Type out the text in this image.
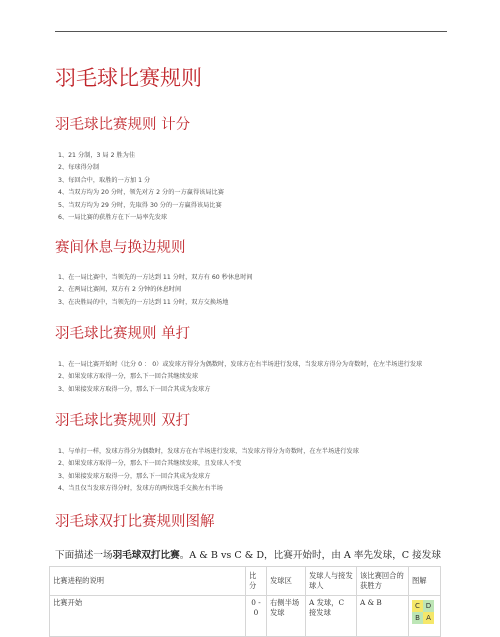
羽毛球比赛规则
羽毛球比赛规则 计分
1、21 分制，3 局 2 胜为佳
2、每球得分制
3、每回合中，取胜的一方加 1 分
4、当双方均为 20 分时，领先对方 2 分的一方赢得该局比赛
5、当双方均为 29 分时，先取得 30 分的一方赢得该局比赛
6、一局比赛的获胜方在下一局率先发球
赛间休息与换边规则
1、在一局比赛中，当领先的一方达到 11 分时，双方有 60 秒休息时间
2、在两局比赛间，双方有 2 分钟的休息时间
3、在决胜局的中，当领先的一方达到 11 分时，双方交换场地
羽毛球比赛规则 单打
1、在一局比赛开始时（比分 0 ： 0）或发球方得分为偶数时，发球方在右半场进行发球，当发球方得分为奇数时，在左半场进行发球
2、如果发球方取得一分，那么下一回合其继续发球
3、如果接发球方取得一分，那么下一回合其成为发球方
羽毛球比赛规则 双打
1、与单打一样，发球方得分为偶数时，发球方在右半场进行发球，当发球方得分为奇数时，在左半场进行发球
2、如果发球方取得一分，那么下一回合其继续发球，且发球人不变
3、如果接发球方取得一分，那么下一回合其成为发球方
4、当且仅当发球方得分时，发球方的两位选手交换左右半场
羽毛球双打比赛规则图解

下面描述一场羽毛球双打比赛。A & B vs C & D，比赛开始时，由 A 率先发球，C 接发球

比赛进程的说明	比分	发球区	发球人与接发球人	该比赛回合的获胜方	图解
比赛开始	0 - 0	右侧半场发球	A 发球，C 接发球	A & B	C D B A
